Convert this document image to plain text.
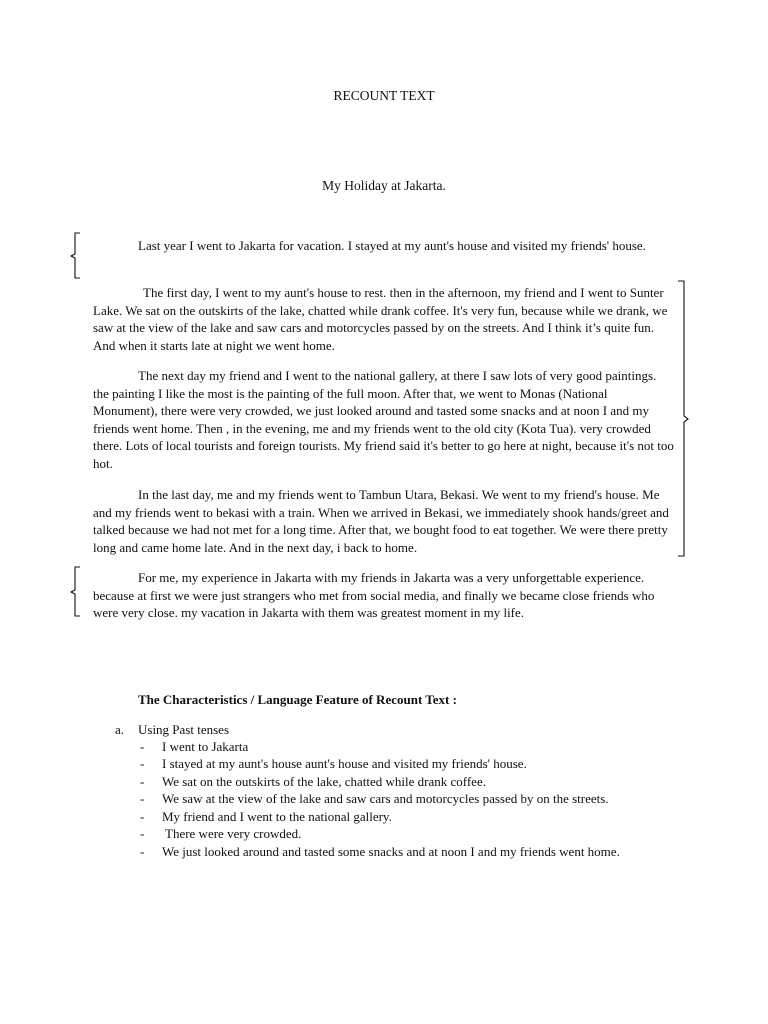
RECOUNT TEXT
My Holiday at Jakarta.

Last year I went to Jakarta for vacation. I stayed at my aunt's house and visited my friends' house.

The first day, I went to my aunt's house to rest. then in the afternoon, my friend and I went to Sunter Lake. We sat on the outskirts of the lake, chatted while drank coffee. It's very fun, because while we drank, we saw at the view of the lake and saw cars and motorcycles passed by on the streets. And I think it’s quite fun. And when it starts late at night we went home.

The next day my friend and I went to the national gallery, at there I saw lots of very good paintings. the painting I like the most is the painting of the full moon. After that, we went to Monas (National Monument), there were very crowded, we just looked around and tasted some snacks and at noon I and my friends went home. Then , in the evening, me and my friends went to the old city (Kota Tua). very crowded there. Lots of local tourists and foreign tourists. My friend said it's better to go here at night, because it's not too hot.

In the last day, me and my friends went to Tambun Utara, Bekasi. We went to my friend's house. Me and my friends went to bekasi with a train. When we arrived in Bekasi, we immediately shook hands/greet and talked because we had not met for a long time. After that, we bought food to eat together. We were there pretty long and came home late. And in the next day, i back to home.

For me, my experience in Jakarta with my friends in Jakarta was a very unforgettable experience. because at first we were just strangers who met from social media, and finally we became close friends who were very close. my vacation in Jakarta with them was greatest moment in my life.

The Characteristics / Language Feature of Recount Text :
a. Using Past tenses
- I went to Jakarta
- I stayed at my aunt's house aunt's house and visited my friends' house.
- We sat on the outskirts of the lake, chatted while drank coffee.
- We saw at the view of the lake and saw cars and motorcycles passed by on the streets.
- My friend and I went to the national gallery.
- There were very crowded.
- We just looked around and tasted some snacks and at noon I and my friends went home.
